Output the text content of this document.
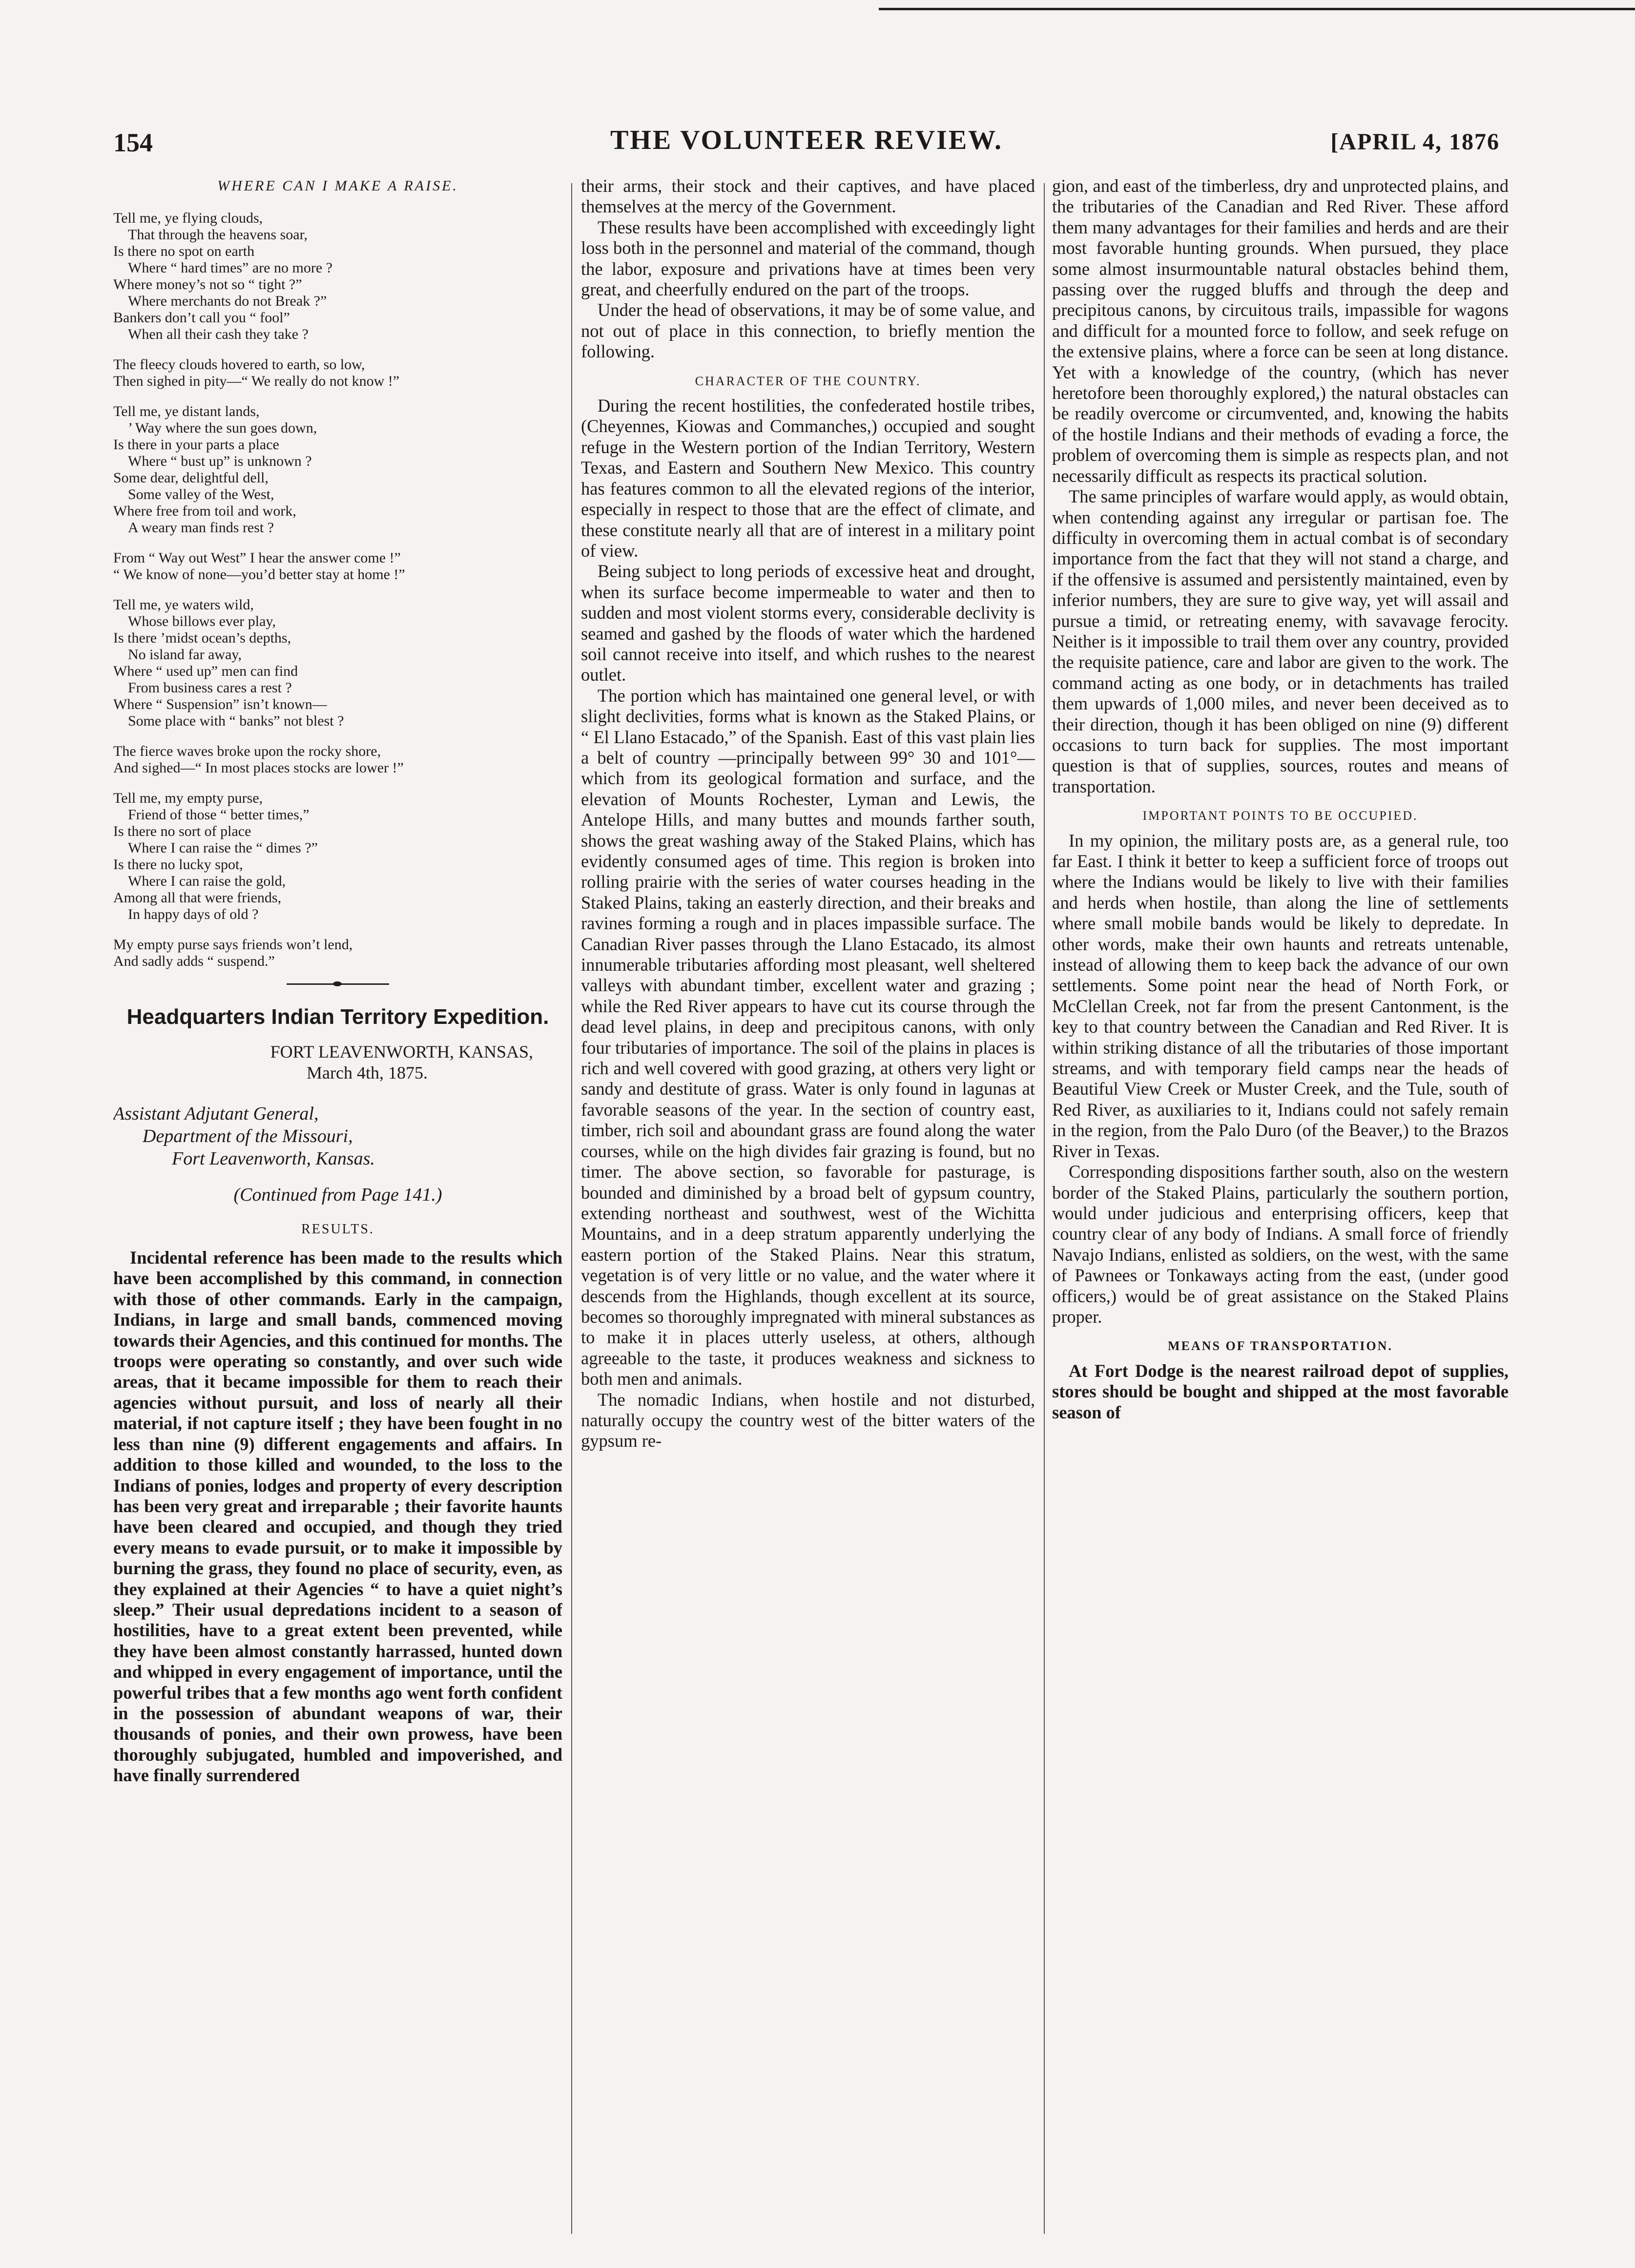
154	THE VOLUNTEER REVIEW.	[APRIL 4, 1876
WHERE CAN I MAKE A RAISE.
Tell me, ye flying clouds,
That through the heavens soar,
Is there no spot on earth
Where “ hard times” are no more ?
Where money’s not so “ tight ?”
Where merchants do not Break ?”
Bankers don’t call you “ fool”
When all their cash they take ?
The fleecy clouds hovered to earth, so low,
Then sighed in pity—“ We really do not know !”
Tell me, ye distant lands,
’ Way where the sun goes down,
Is there in your parts a place
Where “ bust up” is unknown ?
Some dear, delightful dell,
Some valley of the West,
Where free from toil and work,
A weary man finds rest ?
From “ Way out West” I hear the answer come !”
“ We know of none—you’d better stay at home !”
Tell me, ye waters wild,
Whose billows ever play,
Is there ’midst ocean’s depths,
No island far away,
Where “ used up” men can find
From business cares a rest ?
Where “ Suspension” isn’t known—
Some place with “ banks” not blest ?
The fierce waves broke upon the rocky shore,
And sighed—“ In most places stocks are lower !”
Tell me, my empty purse,
Friend of those “ better times,”
Is there no sort of place
Where I can raise the “ dimes ?”
Is there no lucky spot,
Where I can raise the gold,
Among all that were friends,
In happy days of old ?
My empty purse says friends won’t lend,
And sadly adds “ suspend.”
Headquarters Indian Territory Expedition.
FORT LEAVENWORTH, KANSAS,
March 4th, 1875.
Assistant Adjutant General,
Department of the Missouri,
Fort Leavenworth, Kansas.
(Continued from Page 141.)
RESULTS.

Incidental reference has been made to the results which have been accomplished by this command, in connection with those of other commands. Early in the campaign, Indians, in large and small bands, commenced moving towards their Agencies, and this continued for months. The troops were operating so constantly, and over such wide areas, that it became impossible for them to reach their agencies without pursuit, and loss of nearly all their material, if not capture itself ; they have been fought in no less than nine (9) different engagements and affairs. In addition to those killed and wounded, to the loss to the Indians of ponies, lodges and property of every description has been very great and irreparable ; their favorite haunts have been cleared and occupied, and though they tried every means to evade pursuit, or to make it impossible by burning the grass, they found no place of security, even, as they explained at their Agencies “ to have a quiet night’s sleep.” Their usual depredations incident to a season of hostilities, have to a great extent been prevented, while they have been almost constantly harrassed, hunted down and whipped in every engagement of importance, until the powerful tribes that a few months ago went forth confident in the possession of abundant weapons of war, their thousands of ponies, and their own prowess, have been thoroughly subjugated, humbled and impoverished, and have finally surrendered

their arms, their stock and their captives, and have placed themselves at the mercy of the Government.

These results have been accomplished with exceedingly light loss both in the personnel and material of the command, though the labor, exposure and privations have at times been very great, and cheerfully endured on the part of the troops.

Under the head of observations, it may be of some value, and not out of place in this connection, to briefly mention the following.

CHARACTER OF THE COUNTRY.

During the recent hostilities, the confederated hostile tribes, (Cheyennes, Kiowas and Commanches,) occupied and sought refuge in the Western portion of the Indian Territory, Western Texas, and Eastern and Southern New Mexico. This country has features common to all the elevated regions of the interior, especially in respect to those that are the effect of climate, and these constitute nearly all that are of interest in a military point of view.

Being subject to long periods of excessive heat and drought, when its surface become impermeable to water and then to sudden and most violent storms every, considerable declivity is seamed and gashed by the floods of water which the hardened soil cannot receive into itself, and which rushes to the nearest outlet.

The portion which has maintained one general level, or with slight declivities, forms what is known as the Staked Plains, or “ El Llano Estacado,” of the Spanish. East of this vast plain lies a belt of country —principally between 99° 30 and 101°— which from its geological formation and surface, and the elevation of Mounts Rochester, Lyman and Lewis, the Antelope Hills, and many buttes and mounds farther south, shows the great washing away of the Staked Plains, which has evidently consumed ages of time. This region is broken into rolling prairie with the series of water courses heading in the Staked Plains, taking an easterly direction, and their breaks and ravines forming a rough and in places impassible surface. The Canadian River passes through the Llano Estacado, its almost innumerable tributaries affording most pleasant, well sheltered valleys with abundant timber, excellent water and grazing ; while the Red River appears to have cut its course through the dead level plains, in deep and precipitous canons, with only four tributaries of importance. The soil of the plains in places is rich and well covered with good grazing, at others very light or sandy and destitute of grass. Water is only found in lagunas at favorable seasons of the year. In the section of country east, timber, rich soil and aboundant grass are found along the water courses, while on the high divides fair grazing is found, but no timer. The above section, so favorable for pasturage, is bounded and diminished by a broad belt of gypsum country, extending northeast and southwest, west of the Wichitta Mountains, and in a deep stratum apparently underlying the eastern portion of the Staked Plains. Near this stratum, vegetation is of very little or no value, and the water where it descends from the Highlands, though excellent at its source, becomes so thoroughly impregnated with mineral substances as to make it in places utterly useless, at others, although agreeable to the taste, it produces weakness and sickness to both men and animals.

The nomadic Indians, when hostile and not disturbed, naturally occupy the country west of the bitter waters of the gypsum re-

gion, and east of the timberless, dry and unprotected plains, and the tributaries of the Canadian and Red River. These afford them many advantages for their families and herds and are their most favorable hunting grounds. When pursued, they place some almost insurmountable natural obstacles behind them, passing over the rugged bluffs and through the deep and precipitous canons, by circuitous trails, impassible for wagons and difficult for a mounted force to follow, and seek refuge on the extensive plains, where a force can be seen at long distance. Yet with a knowledge of the country, (which has never heretofore been thoroughly explored,) the natural obstacles can be readily overcome or circumvented, and, knowing the habits of the hostile Indians and their methods of evading a force, the problem of overcoming them is simple as respects plan, and not necessarily difficult as respects its practical solution.

The same principles of warfare would apply, as would obtain, when contending against any irregular or partisan foe. The difficulty in overcoming them in actual combat is of secondary importance from the fact that they will not stand a charge, and if the offensive is assumed and persistently maintained, even by inferior numbers, they are sure to give way, yet will assail and pursue a timid, or retreating enemy, with savavage ferocity. Neither is it impossible to trail them over any country, provided the requisite patience, care and labor are given to the work. The command acting as one body, or in detachments has trailed them upwards of 1,000 miles, and never been deceived as to their direction, though it has been obliged on nine (9) different occasions to turn back for supplies. The most important question is that of supplies, sources, routes and means of transportation.

IMPORTANT POINTS TO BE OCCUPIED.

In my opinion, the military posts are, as a general rule, too far East. I think it better to keep a sufficient force of troops out where the Indians would be likely to live with their families and herds when hostile, than along the line of settlements where small mobile bands would be likely to depredate. In other words, make their own haunts and retreats untenable, instead of allowing them to keep back the advance of our own settlements. Some point near the head of North Fork, or McClellan Creek, not far from the present Cantonment, is the key to that country between the Canadian and Red River. It is within striking distance of all the tributaries of those important streams, and with temporary field camps near the heads of Beautiful View Creek or Muster Creek, and the Tule, south of Red River, as auxiliaries to it, Indians could not safely remain in the region, from the Palo Duro (of the Beaver,) to the Brazos River in Texas.

Corresponding dispositions farther south, also on the western border of the Staked Plains, particularly the southern portion, would under judicious and enterprising officers, keep that country clear of any body of Indians. A small force of friendly Navajo Indians, enlisted as soldiers, on the west, with the same of Pawnees or Tonkaways acting from the east, (under good officers,) would be of great assistance on the Staked Plains proper.

MEANS OF TRANSPORTATION.

At Fort Dodge is the nearest railroad depot of supplies, stores should be bought and shipped at the most favorable season of
